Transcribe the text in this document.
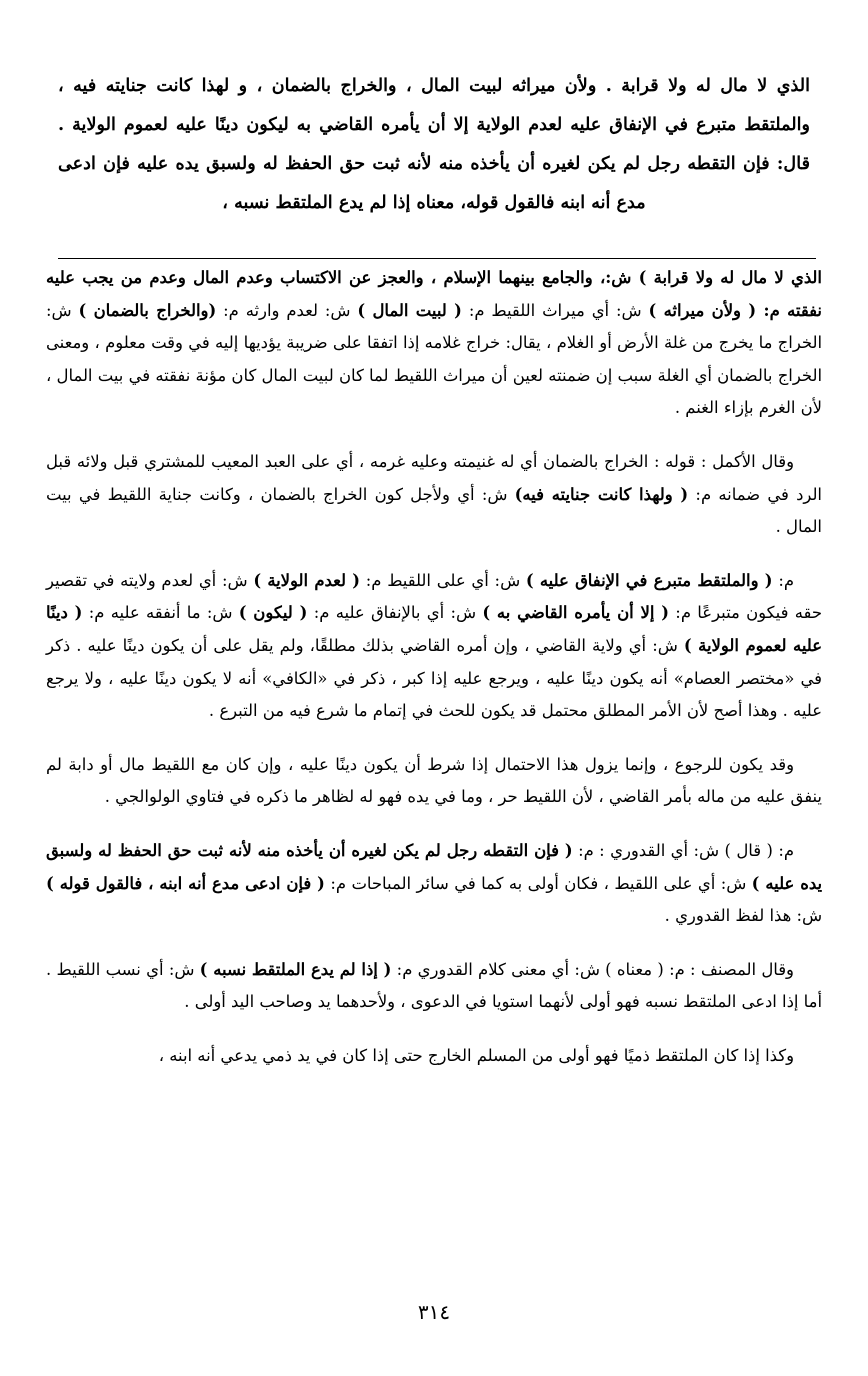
الذي لا مال له ولا قرابة . ولأن ميراثه لبيت المال ، والخراج بالضمان ، و لهذا كانت جنايته فيه ، والملتقط متبرع في الإنفاق عليه لعدم الولاية إلا أن يأمره القاضي به ليكون دينًا عليه لعموم الولاية . قال: فإن التقطه رجل لم يكن لغيره أن يأخذه منه لأنه ثبت حق الحفظ له ولسبق يده عليه فإن ادعى مدع أنه ابنه فالقول قوله، معناه إذا لم يدع الملتقط نسبه ،

الذي لا مال له ولا قرابة ) ش:، والجامع بينهما الإسلام ، والعجز عن الاكتساب وعدم المال وعدم من يجب عليه نفقته م: ( ولأن ميراثه ) ش: أي ميراث اللقيط م: ( لبيت المال ) ش: لعدم وارثه م: (والخراج بالضمان ) ش: الخراج ما يخرج من غلة الأرض أو الغلام ، يقال: خراج غلامه إذا اتفقا على ضريبة يؤديها إليه في وقت معلوم ، ومعنى الخراج بالضمان أي الغلة سبب إن ضمنته لعين أن ميراث اللقيط لما كان لبيت المال كان مؤنة نفقته في بيت المال ، لأن الغرم بإزاء الغنم .

وقال الأكمل : قوله : الخراج بالضمان أي له غنيمته وعليه غرمه ، أي على العبد المعيب للمشتري قبل ولائه قبل الرد في ضمانه م: ( ولهذا كانت جنايته فيه) ش: أي ولأجل كون الخراج بالضمان ، وكانت جناية اللقيط في بيت المال .

م: ( والملتقط متبرع في الإنفاق عليه ) ش: أي على اللقيط م: ( لعدم الولاية ) ش: أي لعدم ولايته في تقصير حقه فيكون متبرعًا م: ( إلا أن يأمره القاضي به ) ش: أي بالإنفاق عليه م: ( ليكون ) ش: ما أنفقه عليه م: ( دينًا عليه لعموم الولاية ) ش: أي ولاية القاضي ، وإن أمره القاضي بذلك مطلقًا، ولم يقل على أن يكون دينًا عليه . ذكر في «مختصر العصام» أنه يكون دينًا عليه ، ويرجع عليه إذا كبر ، ذكر في «الكافي» أنه لا يكون دينًا عليه ، ولا يرجع عليه . وهذا أصح لأن الأمر المطلق محتمل قد يكون للحث في إتمام ما شرع فيه من التبرع .

وقد يكون للرجوع ، وإنما يزول هذا الاحتمال إذا شرط أن يكون دينًا عليه ، وإن كان مع اللقيط مال أو دابة لم ينفق عليه من ماله بأمر القاضي ، لأن اللقيط حر ، وما في يده فهو له لظاهر ما ذكره في فتاوي الولوالجي .

م: ( قال ) ش: أي القدوري : م: ( فإن التقطه رجل لم يكن لغيره أن يأخذه منه لأنه ثبت حق الحفظ له ولسبق يده عليه ) ش: أي على اللقيط ، فكان أولى به كما في سائر المباحات م: ( فإن ادعى مدع أنه ابنه ، فالقول قوله ) ش: هذا لفظ القدوري .

وقال المصنف : م: ( معناه ) ش: أي معنى كلام القدوري م: ( إذا لم يدع الملتقط نسبه ) ش: أي نسب اللقيط . أما إذا ادعى الملتقط نسبه فهو أولى لأنهما استويا في الدعوى ، ولأحدهما يد وصاحب اليد أولى .

وكذا إذا كان الملتقط ذميًا فهو أولى من المسلم الخارج حتى إذا كان في يد ذمي يدعي أنه ابنه ،

٣١٤
